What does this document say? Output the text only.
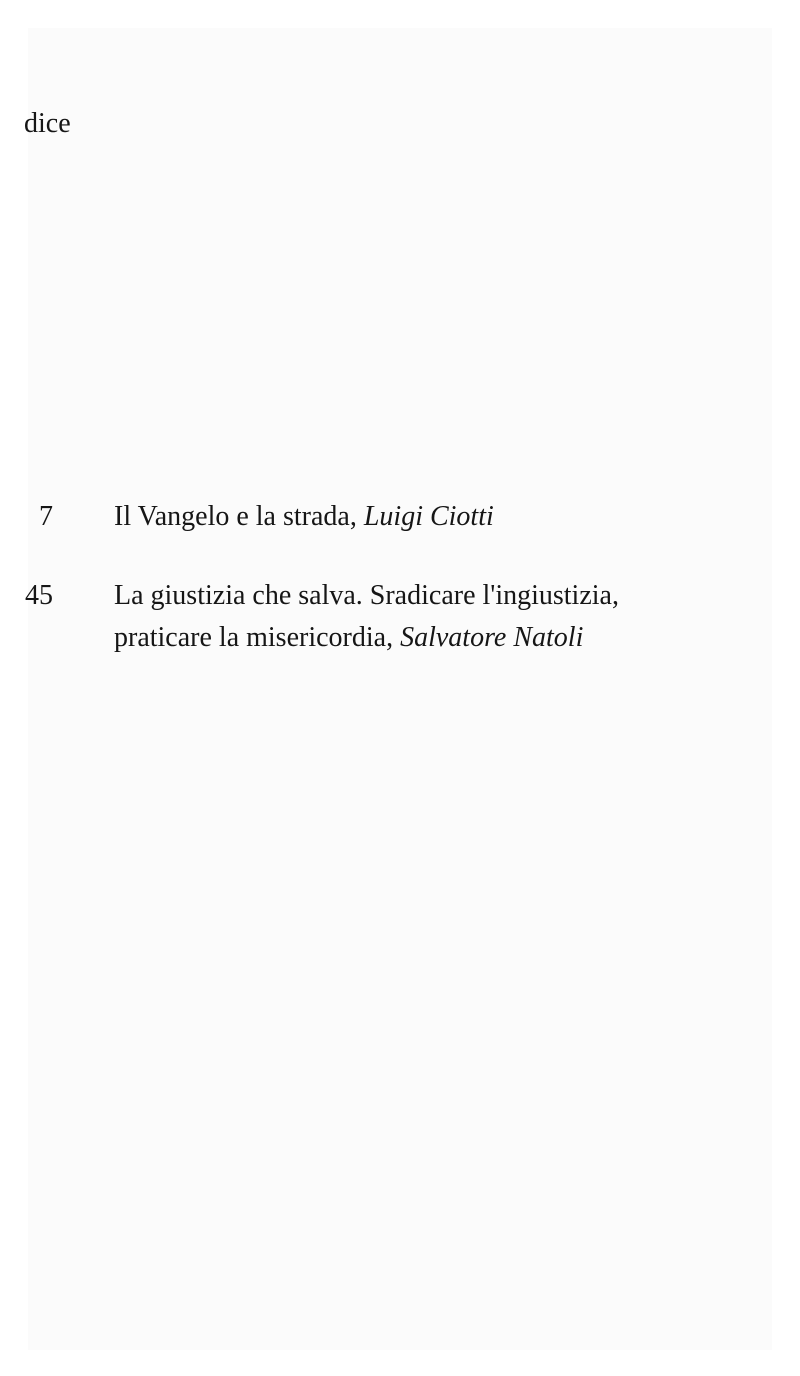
dice
7 Il Vangelo e la strada, Luigi Ciotti
45 La giustizia che salva. Sradicare l'ingiustizia,
praticare la misericordia, Salvatore Natoli
